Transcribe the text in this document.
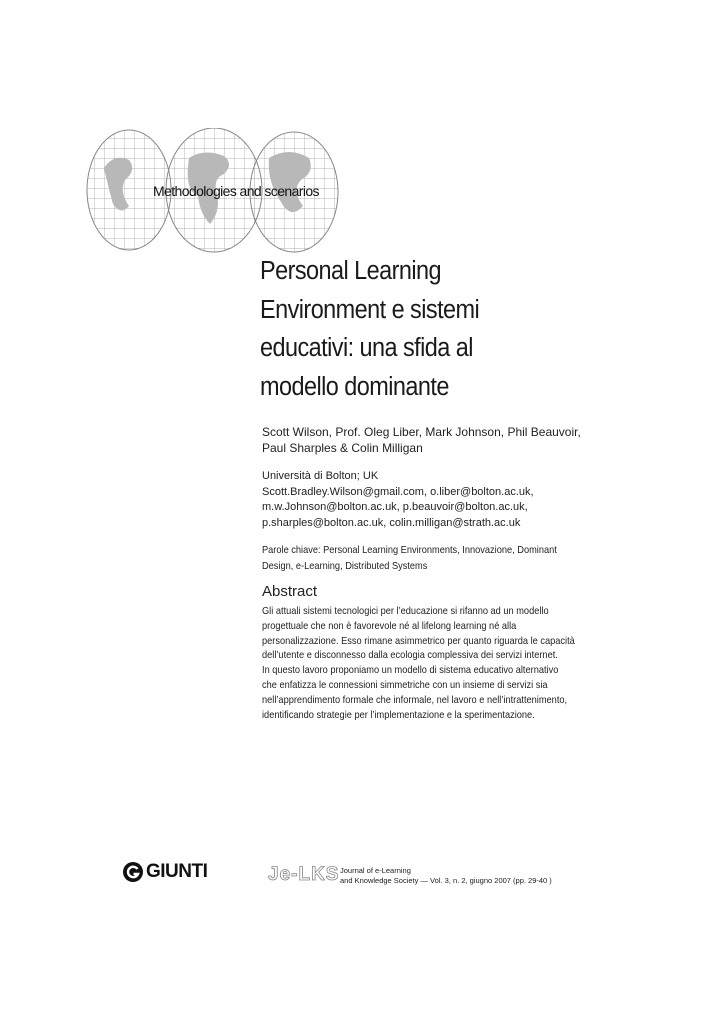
Methodologies and scenarios
Personal Learning
Environment e sistemi
educativi: una sfida al
modello dominante
Scott Wilson, Prof. Oleg Liber, Mark Johnson, Phil Beauvoir, Paul Sharples & Colin Milligan
Università di Bolton; UK
Scott.Bradley.Wilson@gmail.com, o.liber@bolton.ac.uk,
m.w.Johnson@bolton.ac.uk, p.beauvoir@bolton.ac.uk,
p.sharples@bolton.ac.uk, colin.milligan@strath.ac.uk
Parole chiave: Personal Learning Environments, Innovazione, Dominant Design, e-Learning, Distributed Systems
Abstract
Gli attuali sistemi tecnologici per l’educazione si rifanno ad un modello
progettuale che non è favorevole né al lifelong learning né alla
personalizzazione. Esso rimane asimmetrico per quanto riguarda le capacità
dell’utente e disconnesso dalla ecologia complessiva dei servizi internet.
In questo lavoro proponiamo un modello di sistema educativo alternativo
che enfatizza le connessioni simmetriche con un insieme di servizi sia
nell’apprendimento formale che informale, nel lavoro e nell’intrattenimento,
identificando strategie per l’implementazione e la sperimentazione.
GIUNTI	Je-LKS Journal of e-Learning
and Knowledge Society — Vol. 3, n. 2, giugno 2007 (pp. 29-40 )
